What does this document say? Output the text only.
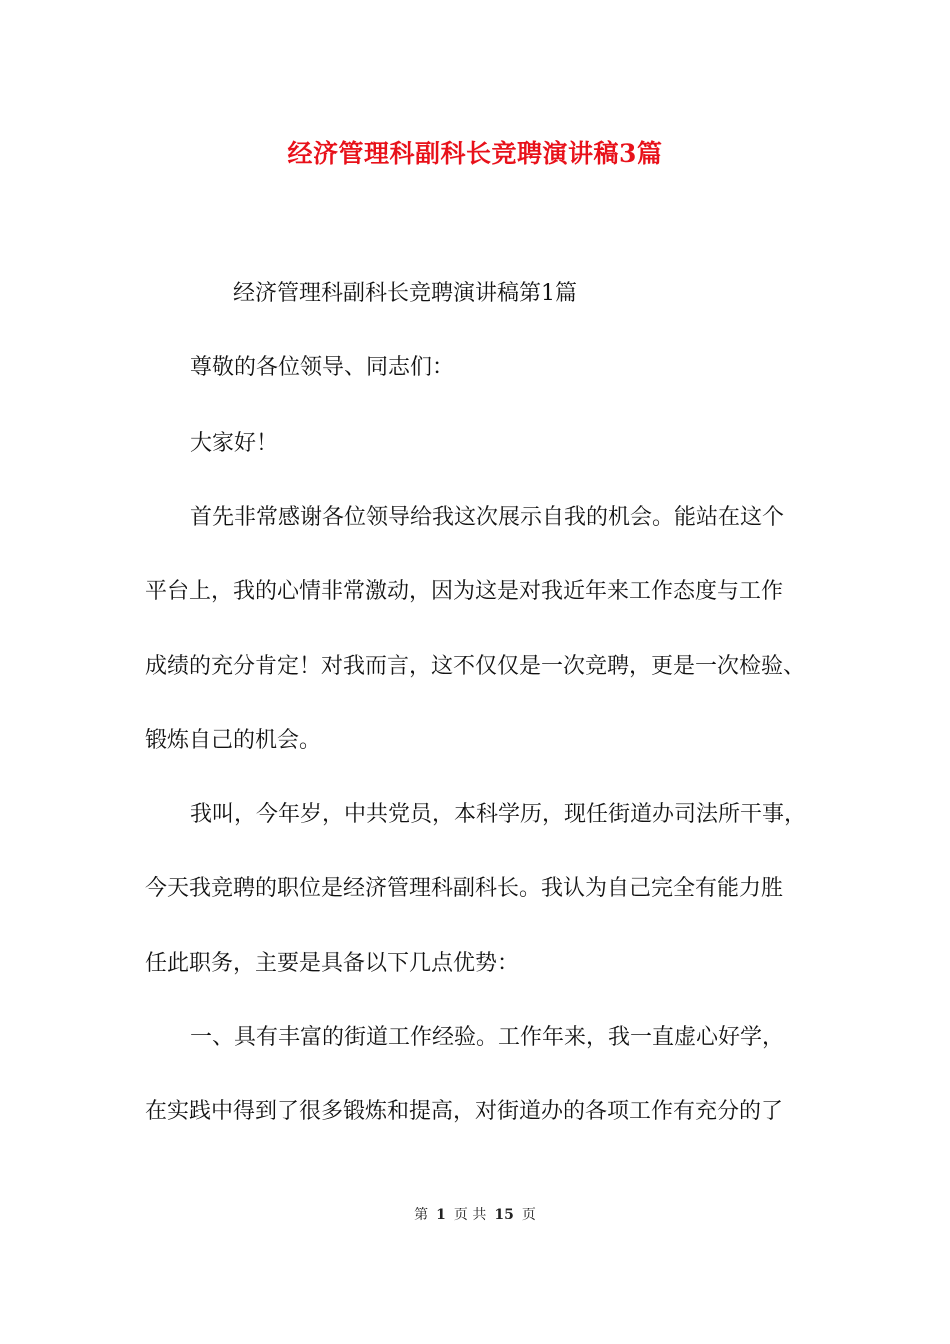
经济管理科副科长竞聘演讲稿3篇
经济管理科副科长竞聘演讲稿第1篇
尊敬的各位领导、同志们：
大家好！
首先非常感谢各位领导给我这次展示自我的机会。能站在这个
平台上，我的心情非常激动，因为这是对我近年来工作态度与工作
成绩的充分肯定！对我而言，这不仅仅是一次竞聘，更是一次检验、
锻炼自己的机会。
我叫，今年岁，中共党员，本科学历，现任街道办司法所干事，
今天我竞聘的职位是经济管理科副科长。我认为自己完全有能力胜
任此职务，主要是具备以下几点优势：
一、具有丰富的街道工作经验。工作年来，我一直虚心好学，
在实践中得到了很多锻炼和提高，对街道办的各项工作有充分的了
第 1 页 共 15 页
